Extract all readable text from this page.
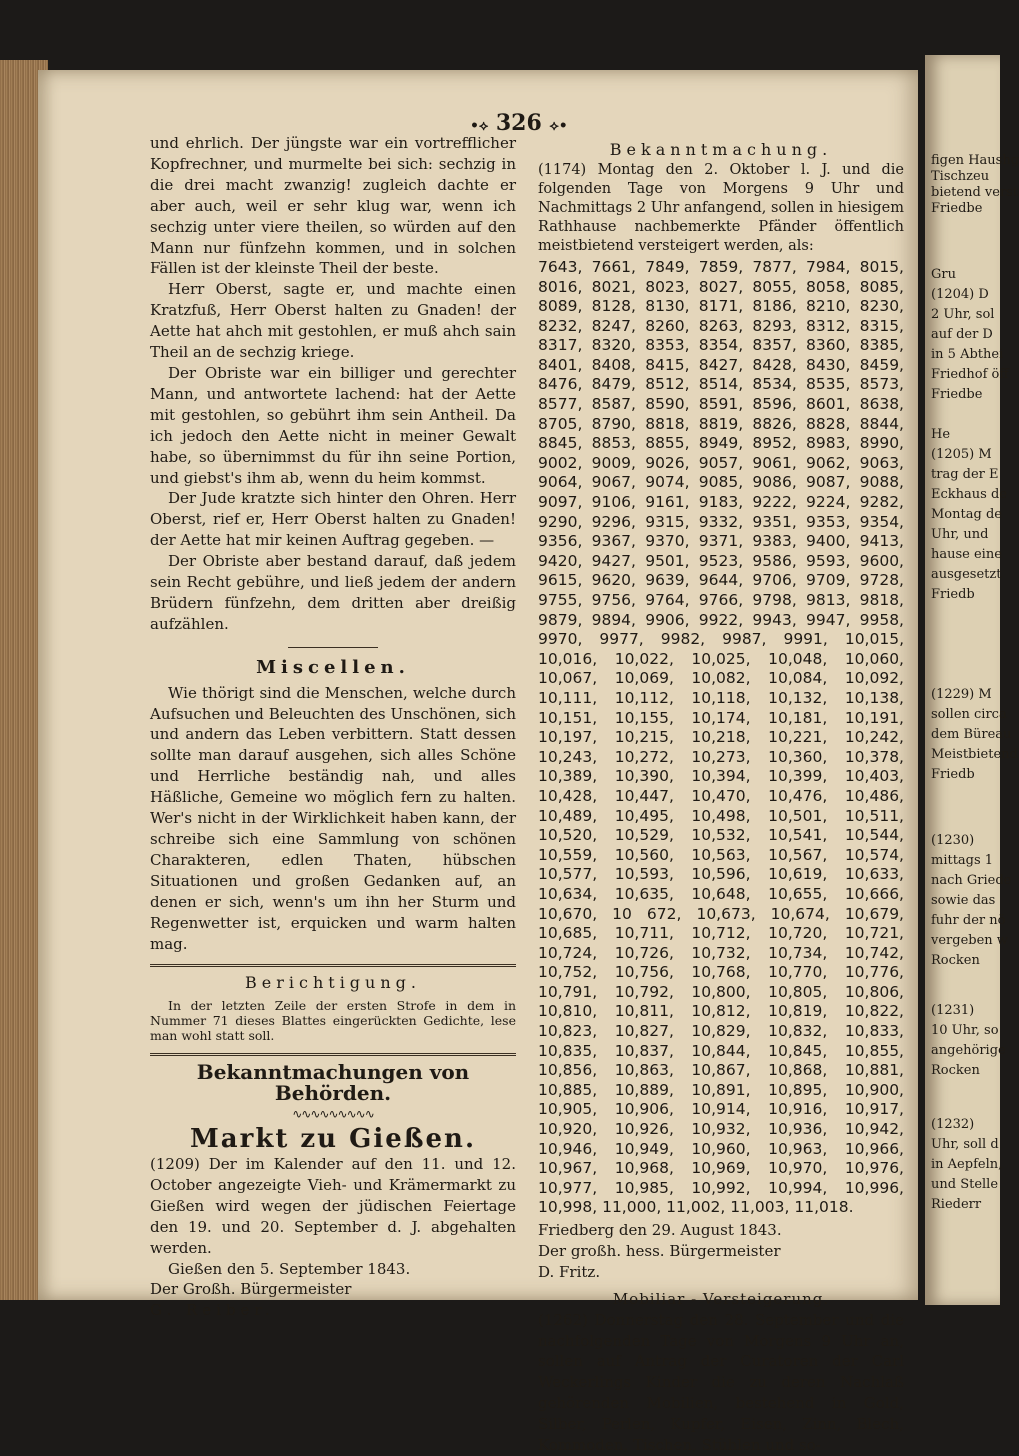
•⟡ 326 ⟡•

und ehrlich. Der jüngste war ein vortrefflicher Kopfrechner, und murmelte bei sich: sechzig in die drei macht zwanzig! zugleich dachte er aber auch, weil er sehr klug war, wenn ich sechzig unter viere theilen, so würden auf den Mann nur fünfzehn kommen, und in solchen Fällen ist der kleinste Theil der beste.

Herr Oberst, sagte er, und machte einen Kratzfuß, Herr Oberst halten zu Gnaden! der Aette hat ahch mit gestohlen, er muß ahch sain Theil an de sechzig kriege.

Der Obriste war ein billiger und gerechter Mann, und antwortete lachend: hat der Aette mit gestohlen, so gebührt ihm sein Antheil. Da ich jedoch den Aette nicht in meiner Gewalt habe, so übernimmst du für ihn seine Portion, und giebst's ihm ab, wenn du heim kommst.

Der Jude kratzte sich hinter den Ohren. Herr Oberst, rief er, Herr Oberst halten zu Gnaden! der Aette hat mir keinen Auftrag gegeben. —

Der Obriste aber bestand darauf, daß jedem sein Recht gebühre, und ließ jedem der andern Brüdern fünfzehn, dem dritten aber dreißig aufzählen.

Miscellen.

Wie thörigt sind die Menschen, welche durch Aufsuchen und Beleuchten des Unschönen, sich und andern das Leben verbittern. Statt dessen sollte man darauf ausgehen, sich alles Schöne und Herrliche beständig nah, und alles Häßliche, Gemeine wo möglich fern zu halten. Wer's nicht in der Wirklichkeit haben kann, der schreibe sich eine Sammlung von schönen Charakteren, edlen Thaten, hübschen Situationen und großen Gedanken auf, an denen er sich, wenn's um ihn her Sturm und Regenwetter ist, erquicken und warm halten mag.

Berichtigung.

In der letzten Zeile der ersten Strofe in dem in Nummer 71 dieses Blattes eingerückten Gedichte, lese man wohl statt soll.

Bekanntmachungen von Behörden.

∿∿∿∿∿∿∿∿∿

Markt zu Gießen.

(1209) Der im Kalender auf den 11. und 12. October angezeigte Vieh- und Krämermarkt zu Gießen wird wegen der jüdischen Feiertage den 19. und 20. September d. J. abgehalten werden.

Gießen den 5. September 1843.

Der Großh. Bürgermeister

G. Reiber.

Bekanntmachung.

(1174) Montag den 2. Oktober l. J. und die folgenden Tage von Morgens 9 Uhr und Nachmittags 2 Uhr anfangend, sollen in hiesigem Rathhause nachbemerkte Pfänder öffentlich meistbietend versteigert werden, als:

7643, 7661, 7849, 7859, 7877, 7984, 8015, 8016, 8021, 8023, 8027, 8055, 8058, 8085, 8089, 8128, 8130, 8171, 8186, 8210, 8230, 8232, 8247, 8260, 8263, 8293, 8312, 8315, 8317, 8320, 8353, 8354, 8357, 8360, 8385, 8401, 8408, 8415, 8427, 8428, 8430, 8459, 8476, 8479, 8512, 8514, 8534, 8535, 8573, 8577, 8587, 8590, 8591, 8596, 8601, 8638, 8705, 8790, 8818, 8819, 8826, 8828, 8844, 8845, 8853, 8855, 8949, 8952, 8983, 8990, 9002, 9009, 9026, 9057, 9061, 9062, 9063, 9064, 9067, 9074, 9085, 9086, 9087, 9088, 9097, 9106, 9161, 9183, 9222, 9224, 9282, 9290, 9296, 9315, 9332, 9351, 9353, 9354, 9356, 9367, 9370, 9371, 9383, 9400, 9413, 9420, 9427, 9501, 9523, 9586, 9593, 9600, 9615, 9620, 9639, 9644, 9706, 9709, 9728, 9755, 9756, 9764, 9766, 9798, 9813, 9818, 9879, 9894, 9906, 9922, 9943, 9947, 9958, 9970, 9977, 9982, 9987, 9991, 10,015, 10,016, 10,022, 10,025, 10,048, 10,060, 10,067, 10,069, 10,082, 10,084, 10,092, 10,111, 10,112, 10,118, 10,132, 10,138, 10,151, 10,155, 10,174, 10,181, 10,191, 10,197, 10,215, 10,218, 10,221, 10,242, 10,243, 10,272, 10,273, 10,360, 10,378, 10,389, 10,390, 10,394, 10,399, 10,403, 10,428, 10,447, 10,470, 10,476, 10,486, 10,489, 10,495, 10,498, 10,501, 10,511, 10,520, 10,529, 10,532, 10,541, 10,544, 10,559, 10,560, 10,563, 10,567, 10,574, 10,577, 10,593, 10,596, 10,619, 10,633, 10,634, 10,635, 10,648, 10,655, 10,666, 10,670, 10 672, 10,673, 10,674, 10,679, 10,685, 10,711, 10,712, 10,720, 10,721, 10,724, 10,726, 10,732, 10,734, 10,742, 10,752, 10,756, 10,768, 10,770, 10,776, 10,791, 10,792, 10,800, 10,805, 10,806, 10,810, 10,811, 10,812, 10,819, 10,822, 10,823, 10,827, 10,829, 10,832, 10,833, 10,835, 10,837, 10,844, 10,845, 10,855, 10,856, 10,863, 10,867, 10,868, 10,881, 10,885, 10,889, 10,891, 10,895, 10,900, 10,905, 10,906, 10,914, 10,916, 10,917, 10,920, 10,926, 10,932, 10,936, 10,942, 10,946, 10,949, 10,960, 10,963, 10,966, 10,967, 10,968, 10,969, 10,970, 10,976, 10,977, 10,985, 10,992, 10,994, 10,996, 10,998, 11,000, 11,002, 11,003, 11,018.

Friedberg den 29. August 1843.

Der großh. hess. Bürgermeister

D. Fritz.

Mobiliar - Versteigerung.

(1262) Donnerstag den 28. September und die nachfolgenden Tage von Morgens 9 Uhr an, sollen auf Antrag der Curatoren der Carl Weckerlings Kinder die zu deren Nachlaß gehörenden Mobilien, bestehend in Gold, Silber, Perlen, Kupfer, Eisen, Zinn, Blech, Kommoden, Tischen, Stühlen und so-

figen Haushg
Tischzeu
bietend verst
Friedbe
Gru
(1204) D
2 Uhr, sol
auf der D
in 5 Abthei
Friedhof öff
Friedbe
He
(1205) M
trag der E
Eckhaus de
Montag de
Uhr, und
hause eine
ausgesetzt
Friedb
(1229) M
sollen circa
dem Büreau
Meistbietend
Friedb
(1230)
mittags 1
nach Griede
sowie das
fuhr der nö
vergeben w
Rocken
(1231)
10 Uhr, so
angehörige
Rocken
(1232)
Uhr, soll d
in Aepfeln,
und Stelle
Riederr
